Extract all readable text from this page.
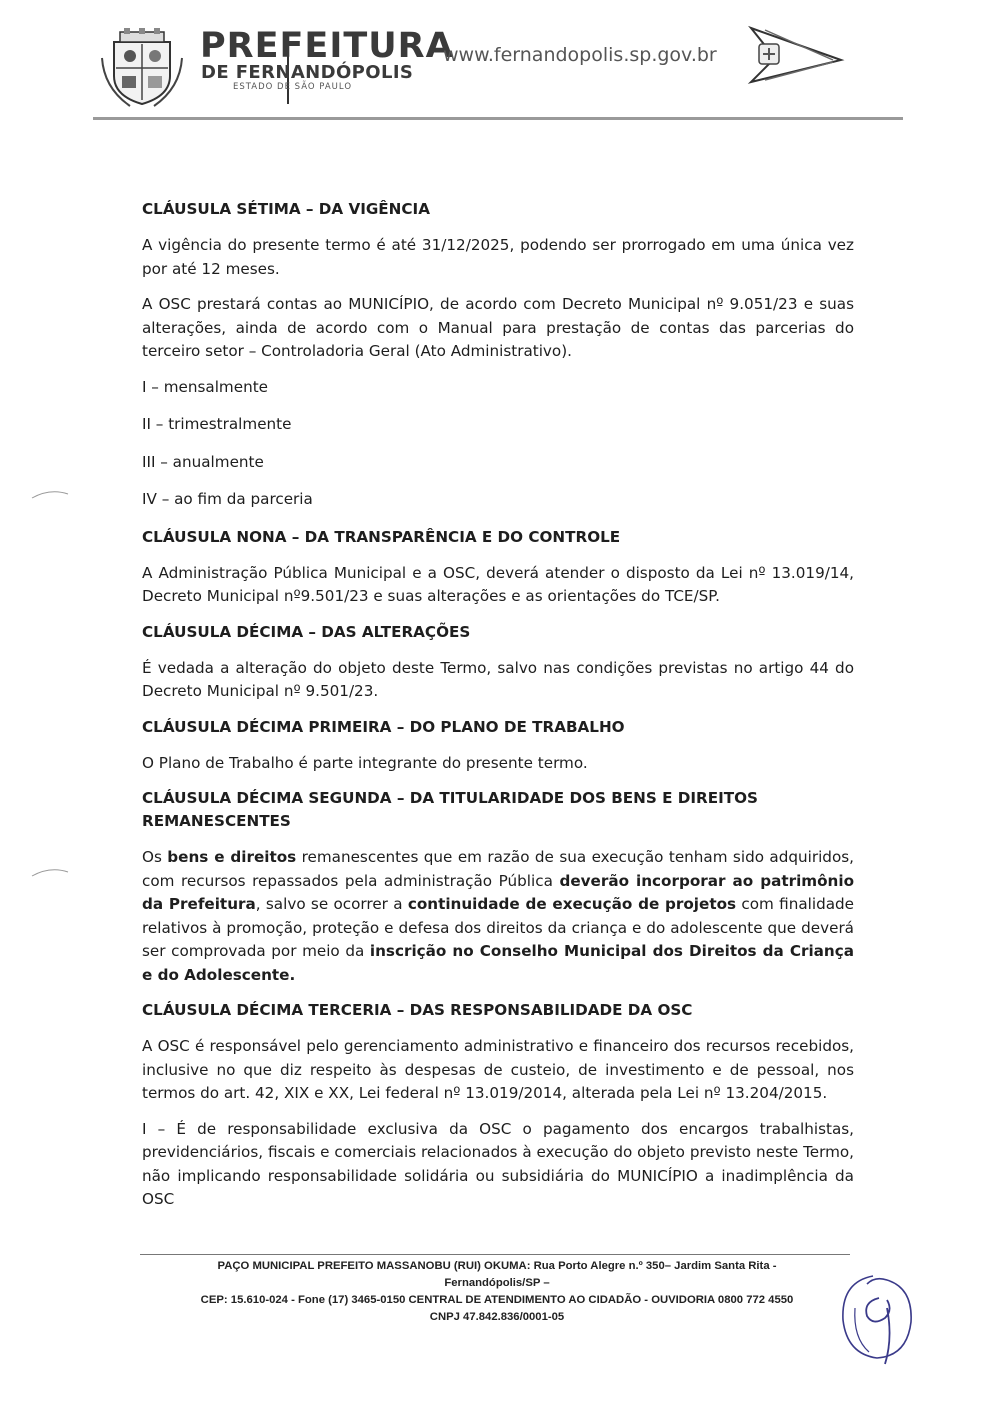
PREFEITURA
DE FERNANDÓPOLIS
ESTADO DE SÃO PAULO
www.fernandopolis.sp.gov.br
CLÁUSULA SÉTIMA – DA VIGÊNCIA

A vigência do presente termo é até 31/12/2025, podendo ser prorrogado em uma única vez por até 12 meses.

A OSC prestará contas ao MUNICÍPIO, de acordo com Decreto Municipal nº 9.051/23 e suas alterações, ainda de acordo com o Manual para prestação de contas das parcerias do terceiro setor – Controladoria Geral (Ato Administrativo).

I – mensalmente

II – trimestralmente

III – anualmente

IV – ao fim da parceria

CLÁUSULA NONA – DA TRANSPARÊNCIA E DO CONTROLE

A Administração Pública Municipal e a OSC, deverá atender o disposto da Lei nº 13.019/14, Decreto Municipal nº9.501/23 e suas alterações e as orientações do TCE/SP.

CLÁUSULA DÉCIMA – DAS ALTERAÇÕES

É vedada a alteração do objeto deste Termo, salvo nas condições previstas no artigo 44 do Decreto Municipal nº 9.501/23.

CLÁUSULA DÉCIMA PRIMEIRA – DO PLANO DE TRABALHO

O Plano de Trabalho é parte integrante do presente termo.

CLÁUSULA DÉCIMA SEGUNDA – DA TITULARIDADE DOS BENS E DIREITOS REMANESCENTES

Os bens e direitos remanescentes que em razão de sua execução tenham sido adquiridos, com recursos repassados pela administração Pública deverão incorporar ao patrimônio da Prefeitura, salvo se ocorrer a continuidade de execução de projetos com finalidade relativos à promoção, proteção e defesa dos direitos da criança e do adolescente que deverá ser comprovada por meio da inscrição no Conselho Municipal dos Direitos da Criança e do Adolescente.

CLÁUSULA DÉCIMA TERCERIA – DAS RESPONSABILIDADE DA OSC

A OSC é responsável pelo gerenciamento administrativo e financeiro dos recursos recebidos, inclusive no que diz respeito às despesas de custeio, de investimento e de pessoal, nos termos do art. 42, XIX e XX, Lei federal nº 13.019/2014, alterada pela Lei nº 13.204/2015.

I – É de responsabilidade exclusiva da OSC o pagamento dos encargos trabalhistas, previdenciários, fiscais e comerciais relacionados à execução do objeto previsto neste Termo, não implicando responsabilidade solidária ou subsidiária do MUNICÍPIO a inadimplência da OSC

PAÇO MUNICIPAL PREFEITO MASSANOBU (RUI) OKUMA: Rua Porto Alegre n.º 350– Jardim Santa Rita -
Fernandópolis/SP –
CEP: 15.610-024 - Fone (17) 3465-0150 CENTRAL DE ATENDIMENTO AO CIDADÃO - OUVIDORIA 0800 772 4550
CNPJ 47.842.836/0001-05
